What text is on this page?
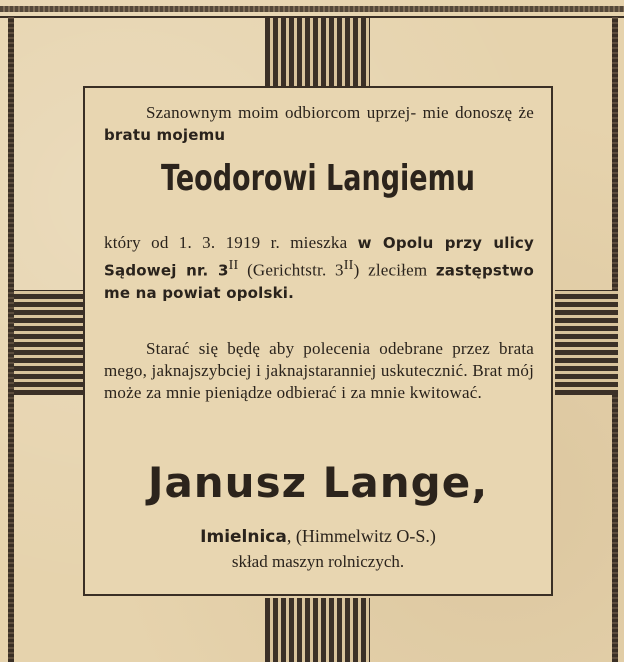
Szanownym moim odbiorcom uprzej- mie donoszę że bratu mojemu
Teodorowi Langiemu
który od 1. 3. 1919 r. mieszka w Opolu przy ulicy Sądowej nr. $3^{II}$ (Gerichtstr. $3^{II}$) zleciłem zastępstwo me na powiat opolski.
Starać się będę aby polecenia odebrane przez brata mego, jaknajszybciej i jaknajstaranniej uskutecznić. Brat mój może za mnie pieniądze odbierać i za mnie kwitować.
Janusz Lange,
Imielnica, (Himmelwitz O-S.)
skład maszyn rolniczych.
